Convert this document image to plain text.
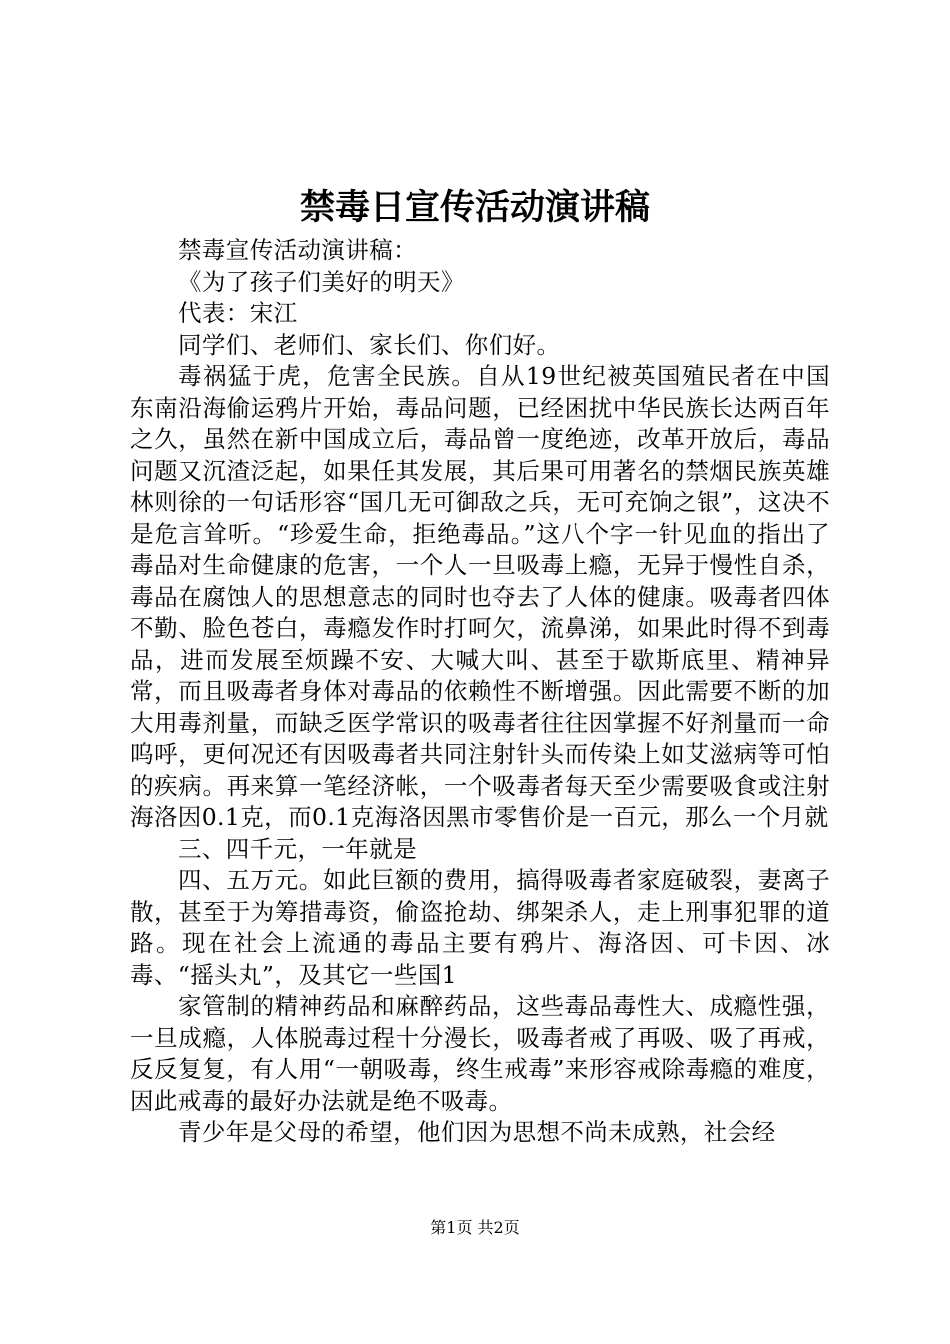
禁毒日宣传活动演讲稿

禁毒宣传活动演讲稿：

《为了孩子们美好的明天》

代表：宋江

同学们、老师们、家长们、你们好。

毒祸猛于虎，危害全民族。自从19世纪被英国殖民者在中国东南沿海偷运鸦片开始，毒品问题，已经困扰中华民族长达两百年之久，虽然在新中国成立后，毒品曾一度绝迹，改革开放后，毒品问题又沉渣泛起，如果任其发展，其后果可用著名的禁烟民族英雄林则徐的一句话形容“国几无可御敌之兵，无可充饷之银”，这决不是危言耸听。“珍爱生命，拒绝毒品。”这八个字一针见血的指出了毒品对生命健康的危害，一个人一旦吸毒上瘾，无异于慢性自杀，毒品在腐蚀人的思想意志的同时也夺去了人体的健康。吸毒者四体不勤、脸色苍白，毒瘾发作时打呵欠，流鼻涕，如果此时得不到毒品，进而发展至烦躁不安、大喊大叫、甚至于歇斯底里、精神异常，而且吸毒者身体对毒品的依赖性不断增强。因此需要不断的加大用毒剂量，而缺乏医学常识的吸毒者往往因掌握不好剂量而一命呜呼，更何况还有因吸毒者共同注射针头而传染上如艾滋病等可怕的疾病。再来算一笔经济帐，一个吸毒者每天至少需要吸食或注射海洛因0.1克，而0.1克海洛因黑市零售价是一百元，那么一个月就

三、四千元，一年就是

四、五万元。如此巨额的费用，搞得吸毒者家庭破裂，妻离子散，甚至于为筹措毒资，偷盗抢劫、绑架杀人，走上刑事犯罪的道路。现在社会上流通的毒品主要有鸦片、海洛因、可卡因、冰毒、“摇头丸”，及其它一些国1

家管制的精神药品和麻醉药品，这些毒品毒性大、成瘾性强，一旦成瘾，人体脱毒过程十分漫长，吸毒者戒了再吸、吸了再戒，反反复复，有人用“一朝吸毒，终生戒毒”来形容戒除毒瘾的难度，因此戒毒的最好办法就是绝不吸毒。

青少年是父母的希望，他们因为思想不尚未成熟，社会经

第1页 共2页
